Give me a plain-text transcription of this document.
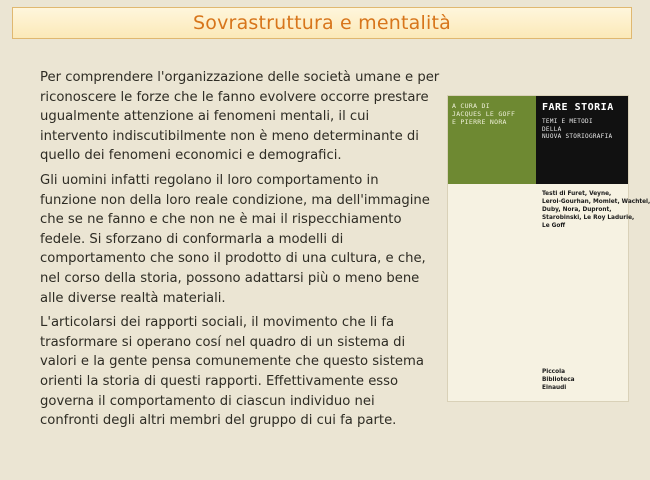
Sovrastruttura e mentalità

Per comprendere l'organizzazione delle società umane e per
riconoscere le forze che le fanno evolvere occorre prestare
ugualmente attenzione ai fenomeni mentali, il cui
intervento indiscutibilmente non è meno determinante di
quello dei fenomeni economici e demografici.

Gli uomini infatti regolano il loro comportamento in
funzione non della loro reale condizione, ma dell'immagine
che se ne fanno e che non ne è mai il rispecchiamento
fedele. Si sforzano di conformarla a modelli di
comportamento che sono il prodotto di una cultura, e che,
nel corso della storia, possono adattarsi più o meno bene
alle diverse realtà materiali.

L'articolarsi dei rapporti sociali, il movimento che li fa
trasformare si operano cosí nel quadro di un sistema di
valori e la gente pensa comunemente che questo sistema
orienti la storia di questi rapporti. Effettivamente esso
governa il comportamento di ciascun individuo nei
confronti degli altri membri del gruppo di cui fa parte.

A CURA DI
JACQUES LE GOFF
E PIERRE NORA
FARE STORIA
TEMI E METODI
DELLA
NUOVA STORIOGRAFIA
Testi di Furet, Veyne,
Leroi-Gourhan, Momlet, Wachtel,
Duby, Nora, Dupront,
Starobinski, Le Roy Ladurie,
Le Goff
Piccola
Biblioteca
Einaudi
